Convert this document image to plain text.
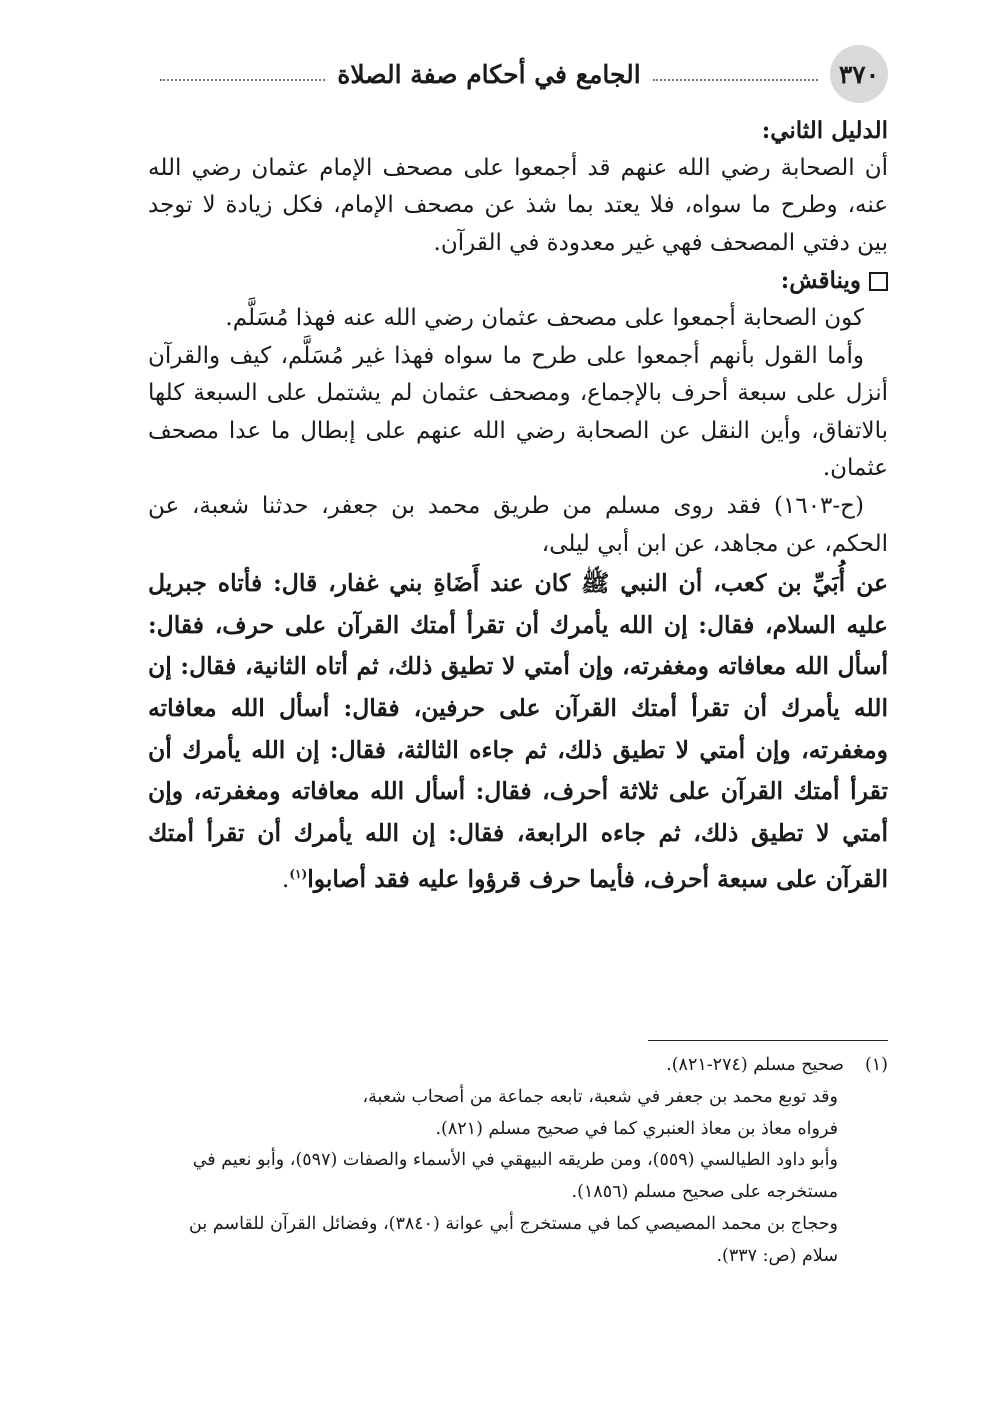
٣٧٠
الجامع في أحكام صفة الصلاة

الدليل الثاني:

أن الصحابة رضي الله عنهم قد أجمعوا على مصحف الإمام عثمان رضي الله عنه، وطرح ما سواه، فلا يعتد بما شذ عن مصحف الإمام، فكل زيادة لا توجد بين دفتي المصحف فهي غير معدودة في القرآن.

ويناقش:

كون الصحابة أجمعوا على مصحف عثمان رضي الله عنه فهذا مُسَلَّم.

وأما القول بأنهم أجمعوا على طرح ما سواه فهذا غير مُسَلَّم، كيف والقرآن أنزل على سبعة أحرف بالإجماع، ومصحف عثمان لم يشتمل على السبعة كلها بالاتفاق، وأين النقل عن الصحابة رضي الله عنهم على إبطال ما عدا مصحف عثمان.

(ح-١٦٠٣) فقد روى مسلم من طريق محمد بن جعفر، حدثنا شعبة، عن الحكم، عن مجاهد، عن ابن أبي ليلى،

عن أُبَيِّ بن كعب، أن النبي ﷺ كان عند أَضَاةِ بني غفار، قال: فأتاه جبريل عليه السلام، فقال: إن الله يأمرك أن تقرأ أمتك القرآن على حرف، فقال: أسأل الله معافاته ومغفرته، وإن أمتي لا تطيق ذلك، ثم أتاه الثانية، فقال: إن الله يأمرك أن تقرأ أمتك القرآن على حرفين، فقال: أسأل الله معافاته ومغفرته، وإن أمتي لا تطيق ذلك، ثم جاءه الثالثة، فقال: إن الله يأمرك أن تقرأ أمتك القرآن على ثلاثة أحرف، فقال: أسأل الله معافاته ومغفرته، وإن أمتي لا تطيق ذلك، ثم جاءه الرابعة، فقال: إن الله يأمرك أن تقرأ أمتك القرآن على سبعة أحرف، فأيما حرف قرؤوا عليه فقد أصابوا$^{(١)}$.

(١)صحيح مسلم (٢٧٤-٨٢١).

وقد توبع محمد بن جعفر في شعبة، تابعه جماعة من أصحاب شعبة،

فرواه معاذ بن معاذ العنبري كما في صحيح مسلم (٨٢١).

وأبو داود الطيالسي (٥٥٩)، ومن طريقه البيهقي في الأسماء والصفات (٥٩٧)، وأبو نعيم في مستخرجه على صحيح مسلم (١٨٥٦).

وحجاج بن محمد المصيصي كما في مستخرج أبي عوانة (٣٨٤٠)، وفضائل القرآن للقاسم بن سلام (ص: ٣٣٧).
